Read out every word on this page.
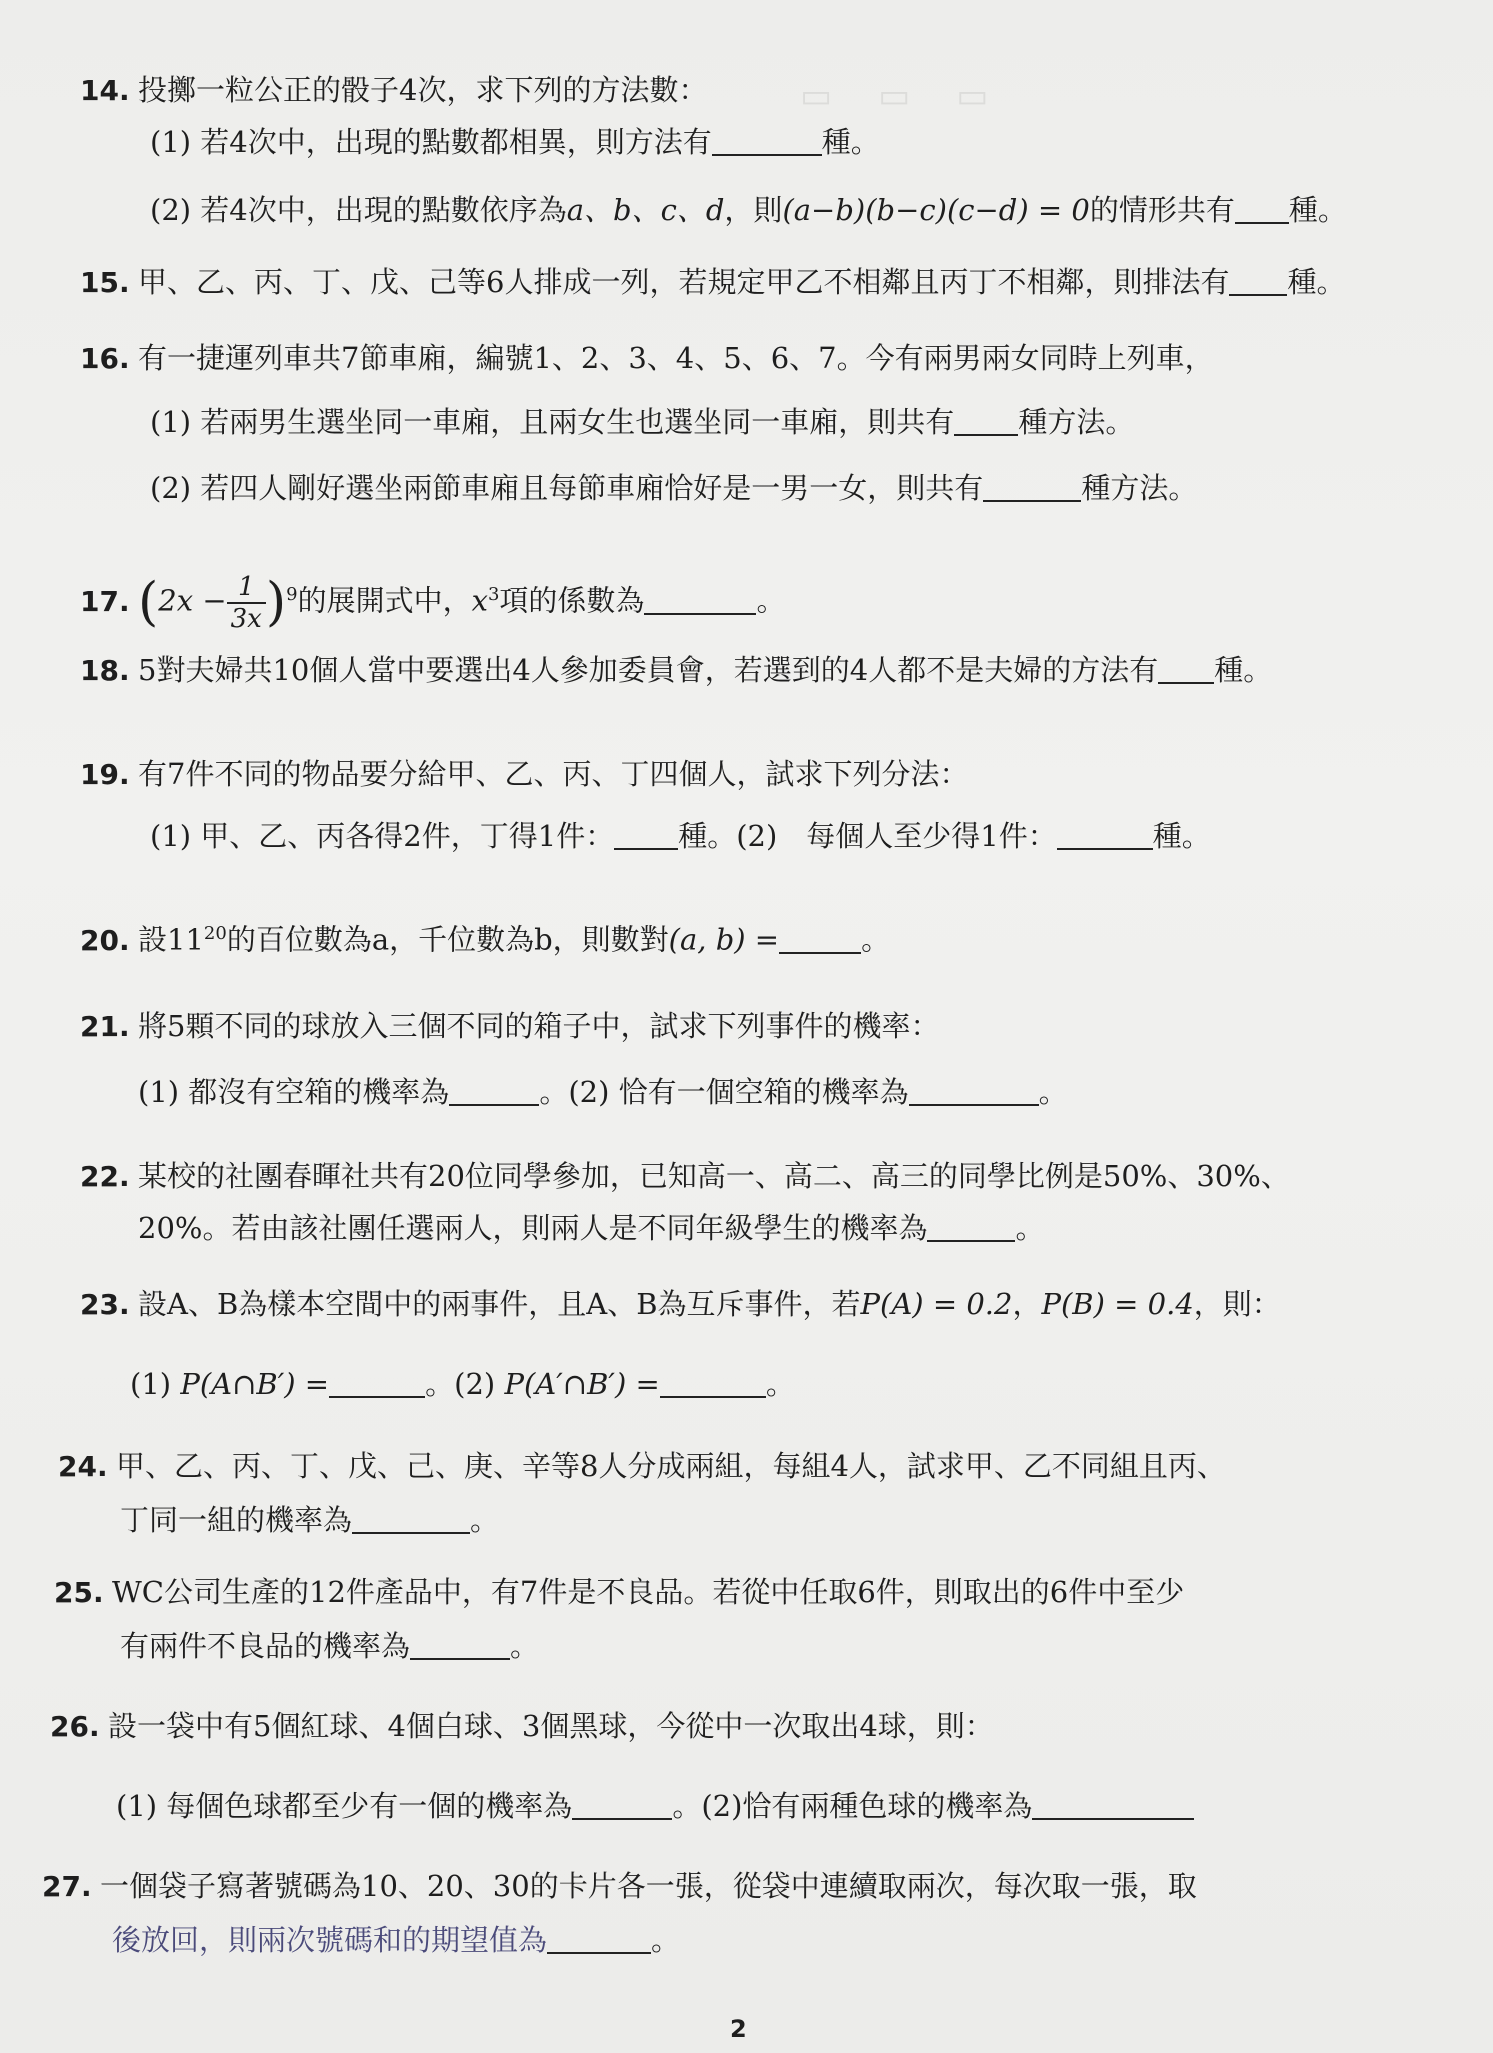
▭　▭　▭
14. 投擲一粒公正的骰子4次，求下列的方法數：
(1) 若4次中，出現的點數都相異，則方法有	種。
(2) 若4次中，出現的點數依序為a、b、c、d，則(a−b)(b−c)(c−d) = 0的情形共有 種。
15. 甲、乙、丙、丁、戊、己等6人排成一列，若規定甲乙不相鄰且丙丁不相鄰，則排法有 種。
16. 有一捷運列車共7節車廂，編號1、2、3、4、5、6、7。今有兩男兩女同時上列車，
(1) 若兩男生選坐同一車廂，且兩女生也選坐同一車廂，則共有 種方法。
(2) 若四人剛好選坐兩節車廂且每節車廂恰好是一男一女，則共有	種方法。
17. $(2x - \frac{1}{3x} )^9$的展開式中，$x^3$項的係數為	。
18. 5對夫婦共10個人當中要選出4人參加委員會，若選到的4人都不是夫婦的方法有 種。
19. 有7件不同的物品要分給甲、乙、丙、丁四個人，試求下列分法：
(1) 甲、乙、丙各得2件，丁得1件： 種。(2)　每個人至少得1件：	種。
20. 設$11^{20}$的百位數為a，千位數為b，則數對(a, b) =	。
21. 將5顆不同的球放入三個不同的箱子中，試求下列事件的機率：
(1) 都沒有空箱的機率為	。(2) 恰有一個空箱的機率為	。
22. 某校的社團春暉社共有20位同學參加，已知高一、高二、高三的同學比例是50%、30%、
20%。若由該社團任選兩人，則兩人是不同年級學生的機率為	。
23. 設A、B為樣本空間中的兩事件，且A、B為互斥事件，若P(A) = 0.2，P(B) = 0.4，則：
(1) P(A∩B′) =	。(2) P(A′∩B′) =	。
24. 甲、乙、丙、丁、戊、己、庚、辛等8人分成兩組，每組4人，試求甲、乙不同組且丙、
丁同一組的機率為	。
25. WC公司生產的12件產品中，有7件是不良品。若從中任取6件，則取出的6件中至少
有兩件不良品的機率為	。
26. 設一袋中有5個紅球、4個白球、3個黑球，今從中一次取出4球，則：
(1) 每個色球都至少有一個的機率為	。(2)恰有兩種色球的機率為
27. 一個袋子寫著號碼為10、20、30的卡片各一張，從袋中連續取兩次，每次取一張，取
後放回，則兩次號碼和的期望值為	。
2
